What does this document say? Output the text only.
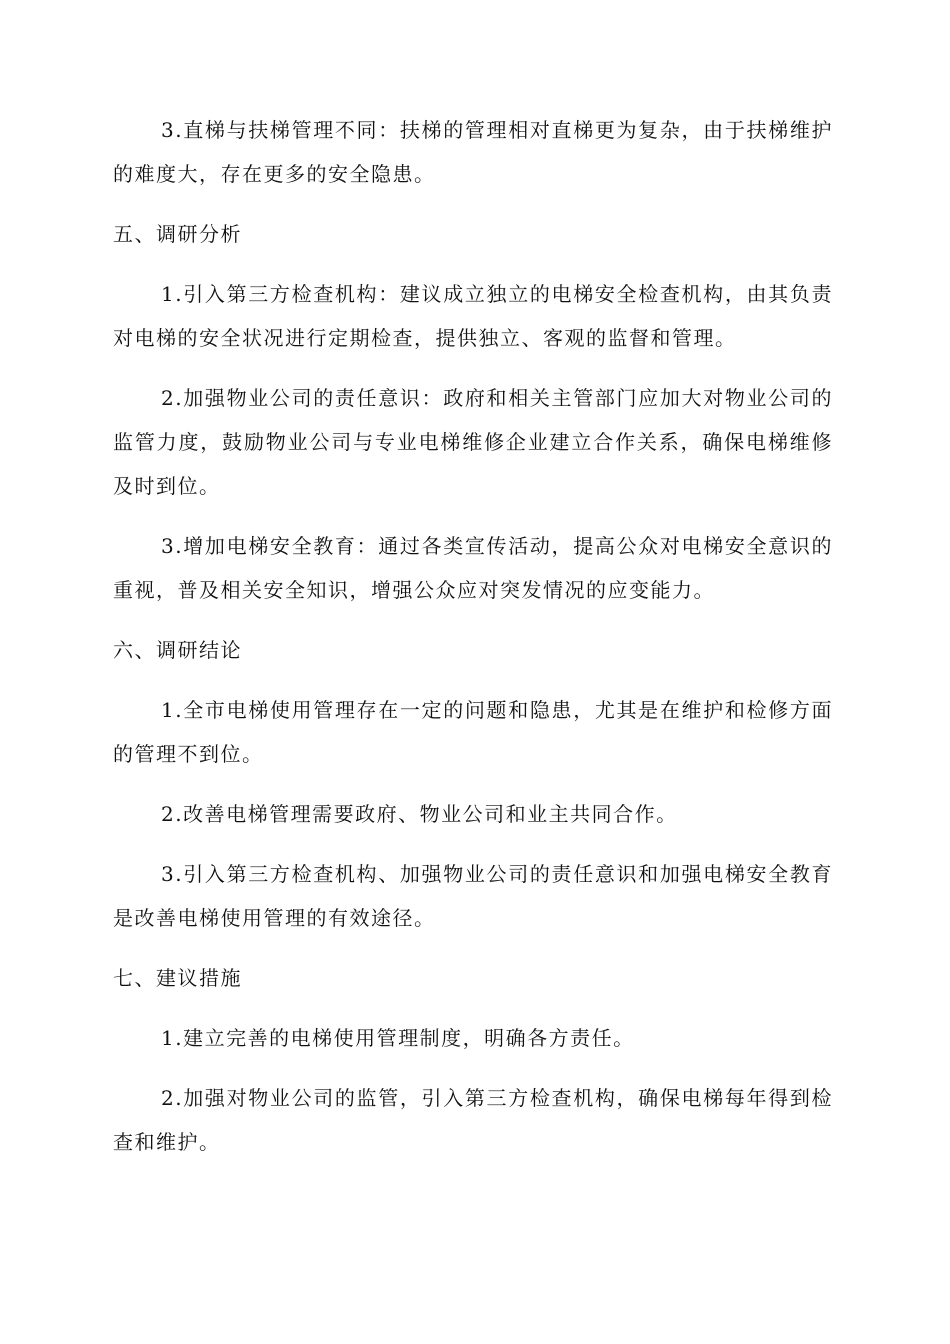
3.直梯与扶梯管理不同：扶梯的管理相对直梯更为复杂，由于扶梯维护的难度大，存在更多的安全隐患。

五、调研分析

1.引入第三方检查机构：建议成立独立的电梯安全检查机构，由其负责对电梯的安全状况进行定期检查，提供独立、客观的监督和管理。

2.加强物业公司的责任意识：政府和相关主管部门应加大对物业公司的监管力度，鼓励物业公司与专业电梯维修企业建立合作关系，确保电梯维修及时到位。

3.增加电梯安全教育：通过各类宣传活动，提高公众对电梯安全意识的重视，普及相关安全知识，增强公众应对突发情况的应变能力。

六、调研结论

1.全市电梯使用管理存在一定的问题和隐患，尤其是在维护和检修方面的管理不到位。

2.改善电梯管理需要政府、物业公司和业主共同合作。

3.引入第三方检查机构、加强物业公司的责任意识和加强电梯安全教育是改善电梯使用管理的有效途径。

七、建议措施

1.建立完善的电梯使用管理制度，明确各方责任。

2.加强对物业公司的监管，引入第三方检查机构，确保电梯每年得到检查和维护。
